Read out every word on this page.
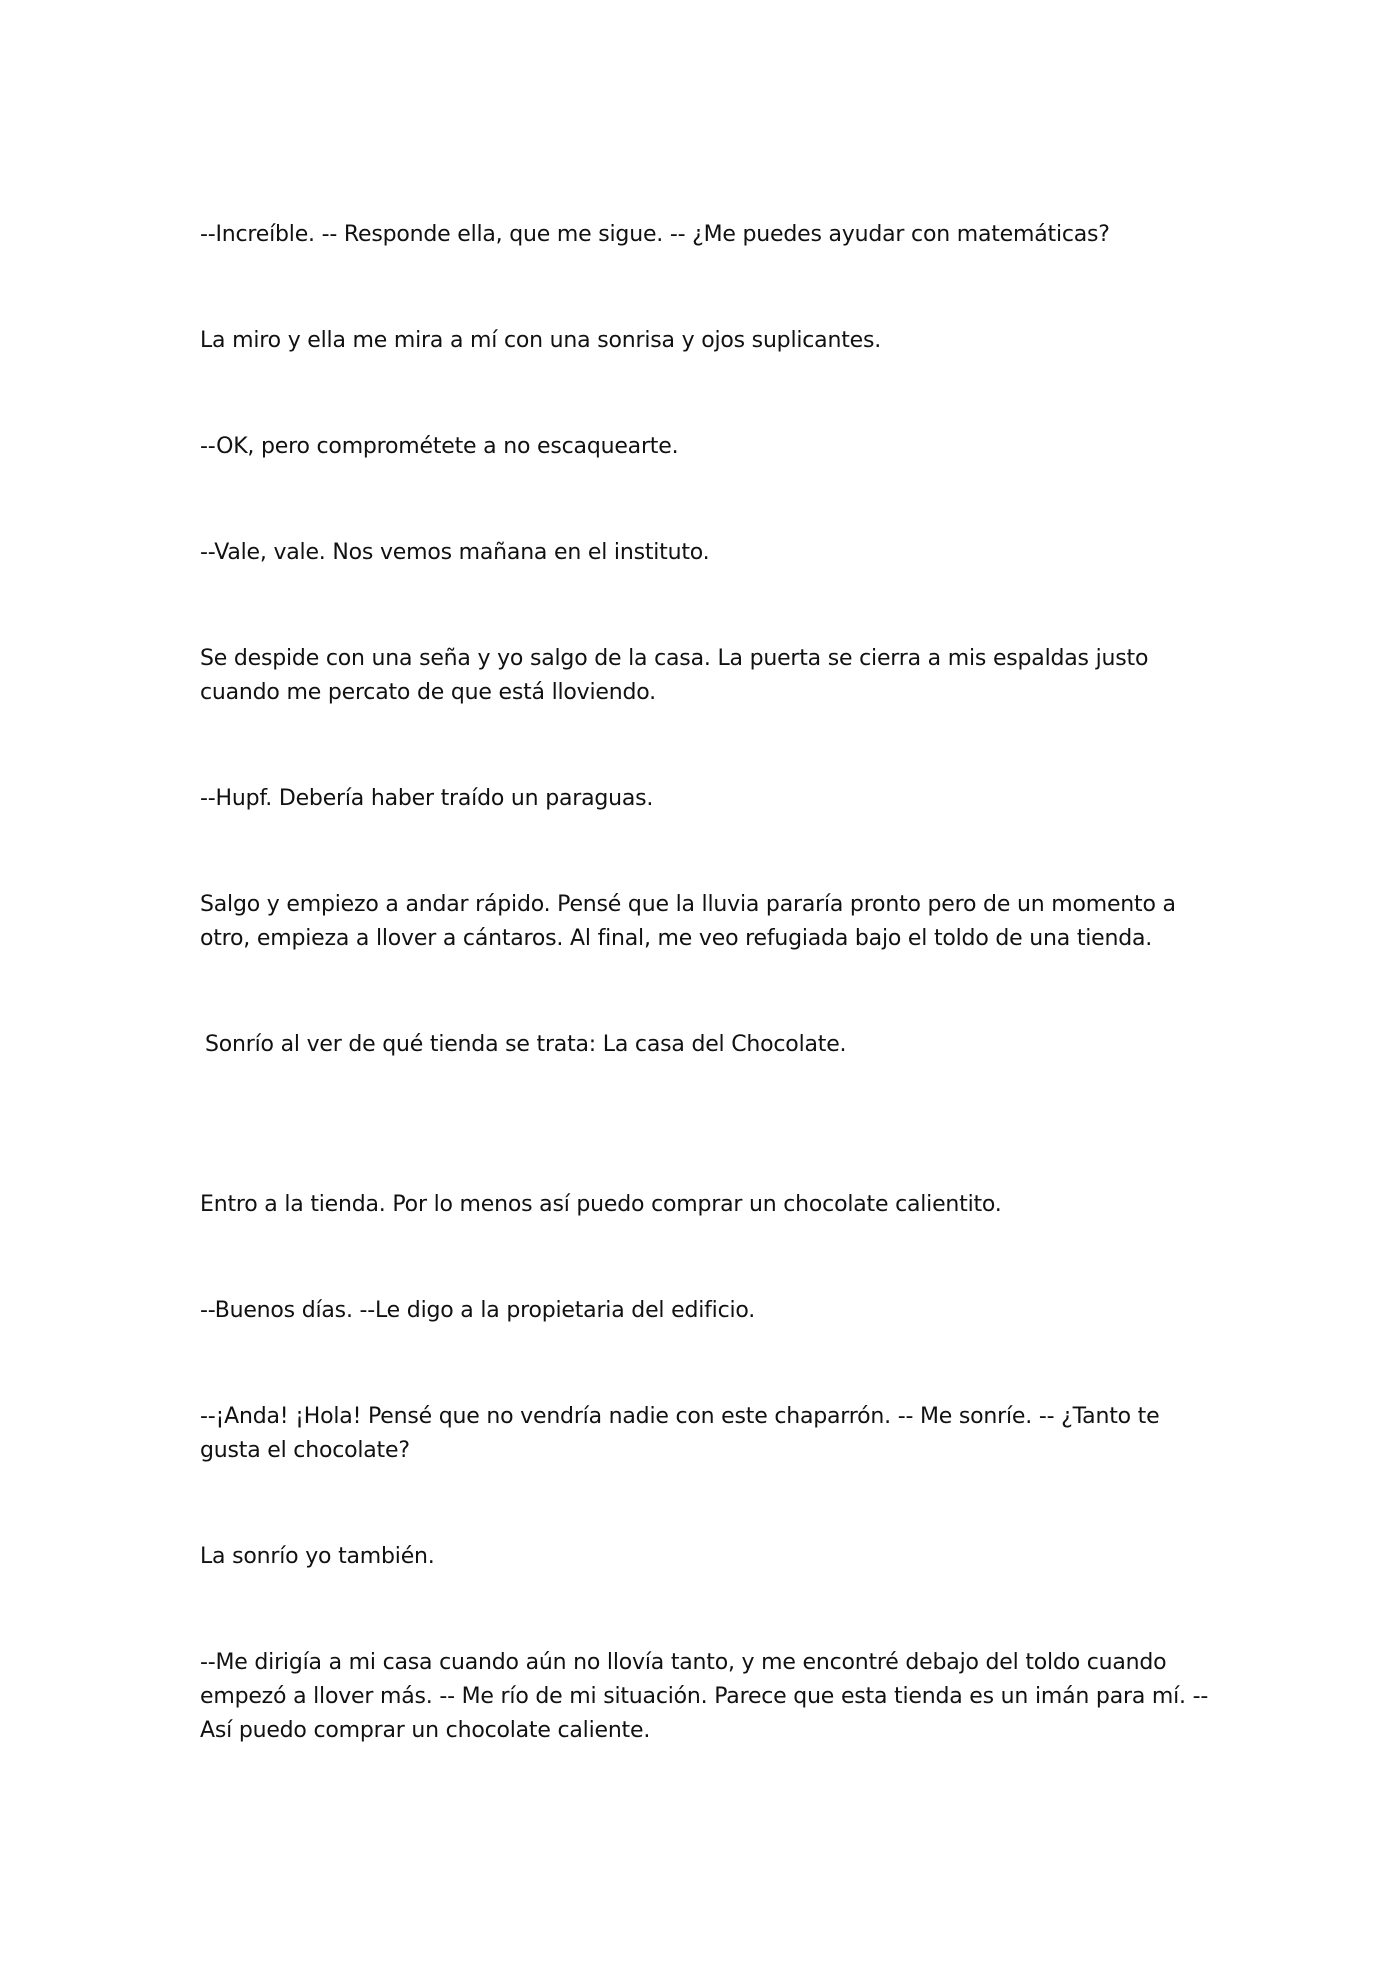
--Increíble. -- Responde ella, que me sigue. -- ¿Me puedes ayudar con matemáticas?

La miro y ella me mira a mí con una sonrisa y ojos suplicantes.

--OK, pero comprométete a no escaquearte.

--Vale, vale. Nos vemos mañana en el instituto.

Se despide con una seña y yo salgo de la casa. La puerta se cierra a mis espaldas justo cuando me percato de que está lloviendo.

--Hupf. Debería haber traído un paraguas.

Salgo y empiezo a andar rápido. Pensé que la lluvia pararía pronto pero de un momento a otro, empieza a llover a cántaros. Al final, me veo refugiada bajo el toldo de una tienda.

Sonrío al ver de qué tienda se trata: La casa del Chocolate.

Entro a la tienda. Por lo menos así puedo comprar un chocolate calientito.

--Buenos días. --Le digo a la propietaria del edificio.

--¡Anda! ¡Hola! Pensé que no vendría nadie con este chaparrón. -- Me sonríe. -- ¿Tanto te gusta el chocolate?

La sonrío yo también.

--Me dirigía a mi casa cuando aún no llovía tanto, y me encontré debajo del toldo cuando empezó a llover más. -- Me río de mi situación. Parece que esta tienda es un imán para mí. -- Así puedo comprar un chocolate caliente.
